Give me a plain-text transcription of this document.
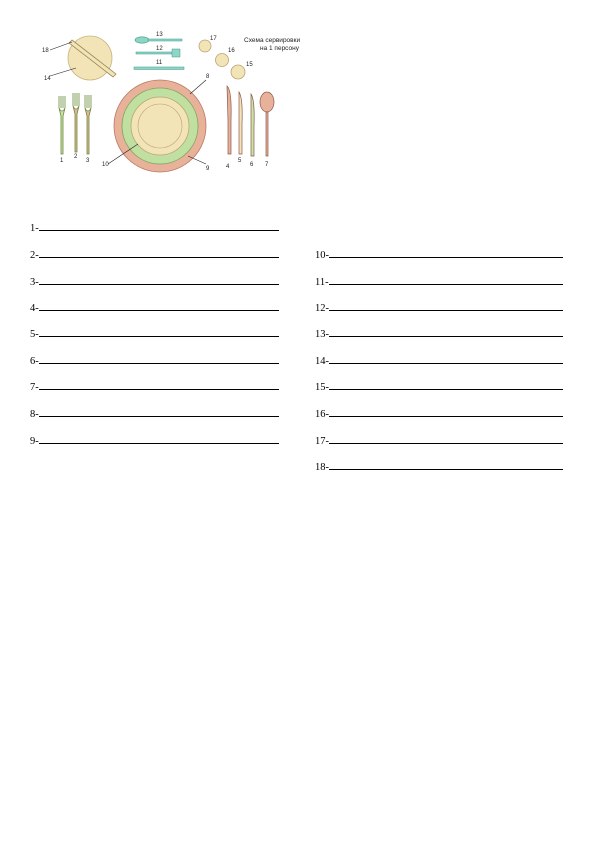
1
2
3
4
5
6 7
8
9
10
11
12
13
14
15
16
17
18
Схема сервировки
на 1 персону
1-
2-
3-
4-
5-
6-
7-
8-
9-
10-
11-
12-
13-
14-
15-
16-
17-
18-
